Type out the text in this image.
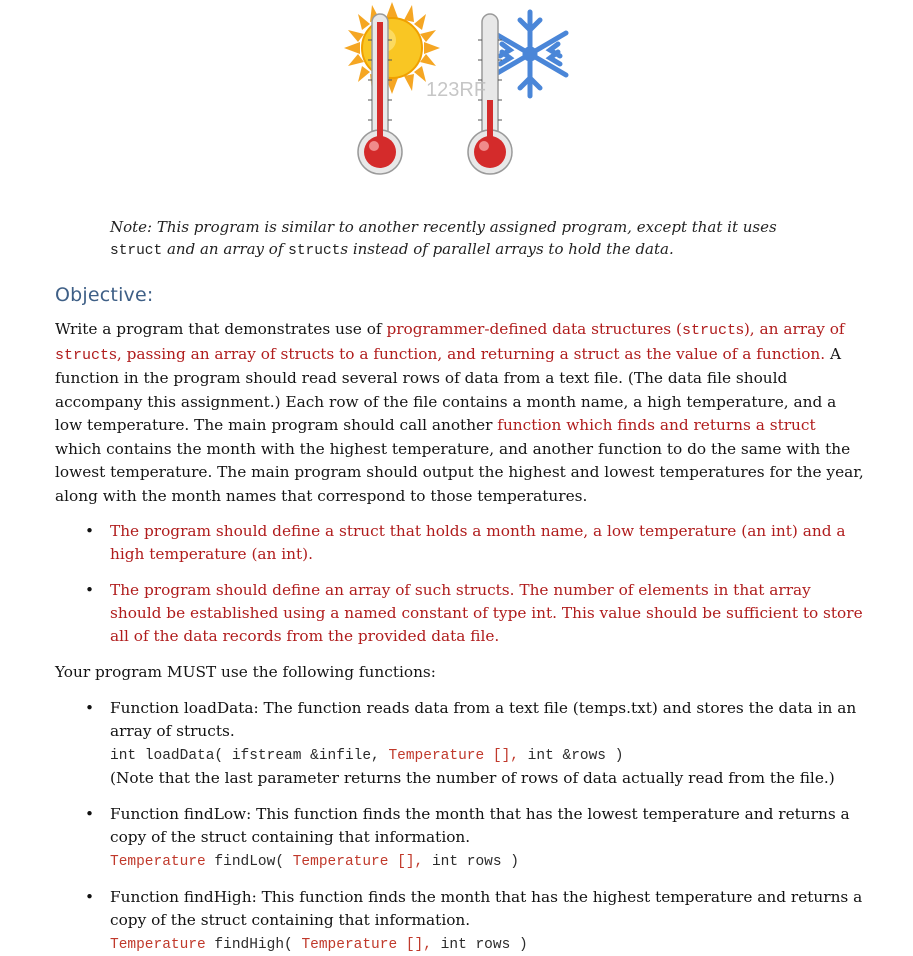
123RF
Note: This program is similar to another recently assigned program, except that it uses
struct and an array of structs instead of parallel arrays to hold the data.
Objective:
Write a program that demonstrates use of programmer-defined data structures (structs), an array of structs, passing an array of structs to a function, and returning a struct as the value of a function. A function in the program should read several rows of data from a text file. (The data file should accompany this assignment.) Each row of the file contains a month name, a high temperature, and a low temperature. The main program should call another function which finds and returns a struct which contains the month with the highest temperature, and another function to do the same with the lowest temperature. The main program should output the highest and lowest temperatures for the year, along with the month names that correspond to those temperatures.
• The program should define a struct that holds a month name, a low temperature (an int) and a high temperature (an int).
• The program should define an array of such structs. The number of elements in that array should be established using a named constant of type int. This value should be sufficient to store all of the data records from the provided data file.
Your program MUST use the following functions:
• Function loadData: The function reads data from a text file (temps.txt) and stores the data in an array of structs.
int loadData( ifstream &infile, Temperature [], int &rows )
(Note that the last parameter returns the number of rows of data actually read from the file.)
• Function findLow: This function finds the month that has the lowest temperature and returns a copy of the struct containing that information.
Temperature findLow( Temperature [], int rows )
• Function findHigh: This function finds the month that has the highest temperature and returns a copy of the struct containing that information.
Temperature findHigh( Temperature [], int rows )
